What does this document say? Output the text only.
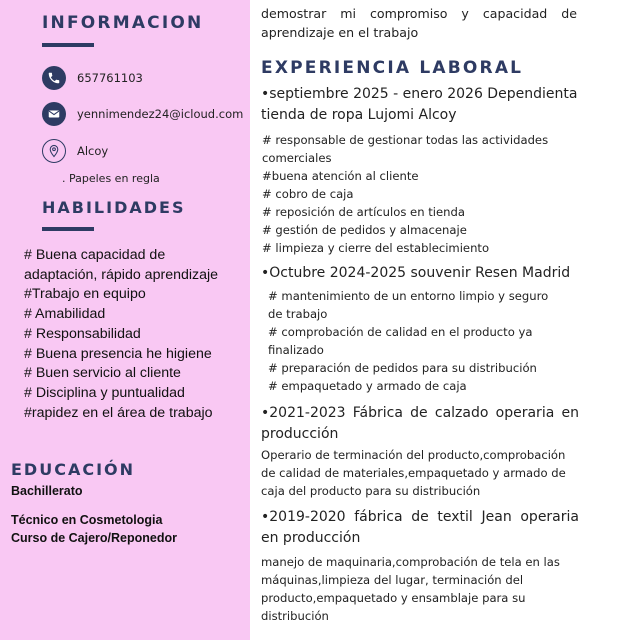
INFORMACION
657761103
yennimendez24@icloud.com
Alcoy
. Papeles en regla
HABILIDADES
# Buena capacidad de
adaptación, rápido aprendizaje
#Trabajo en equipo
# Amabilidad
# Responsabilidad
# Buena presencia he higiene
# Buen servicio al cliente
# Disciplina y puntualidad
#rapidez en el área de trabajo
EDUCACIÓN
Bachillerato
Técnico en Cosmetologia
Curso de Cajero/Reponedor
demostrar mi compromiso y capacidad de aprendizaje en el trabajo
EXPERIENCIA LABORAL
•septiembre 2025 - enero 2026 Dependienta tienda de ropa Lujomi Alcoy
# responsable de gestionar todas las actividades
comerciales
#buena atención al cliente
# cobro de caja
# reposición de artículos en tienda
# gestión de pedidos y almacenaje
# limpieza y cierre del establecimiento
•Octubre 2024-2025 souvenir Resen Madrid
# mantenimiento de un entorno limpio y seguro
de trabajo
# comprobación de calidad en el producto ya
finalizado
# preparación de pedidos para su distribución
# empaquetado y armado de caja
•2021-2023 Fábrica de calzado operaria en producción
Operario de terminación del producto,comprobación de calidad de materiales,empaquetado y armado de caja del producto para su distribución
•2019-2020 fábrica de textil Jean operaria en producción
manejo de maquinaria,comprobación de tela en las máquinas,limpieza del lugar, terminación del producto,empaquetado y ensamblaje para su distribución
